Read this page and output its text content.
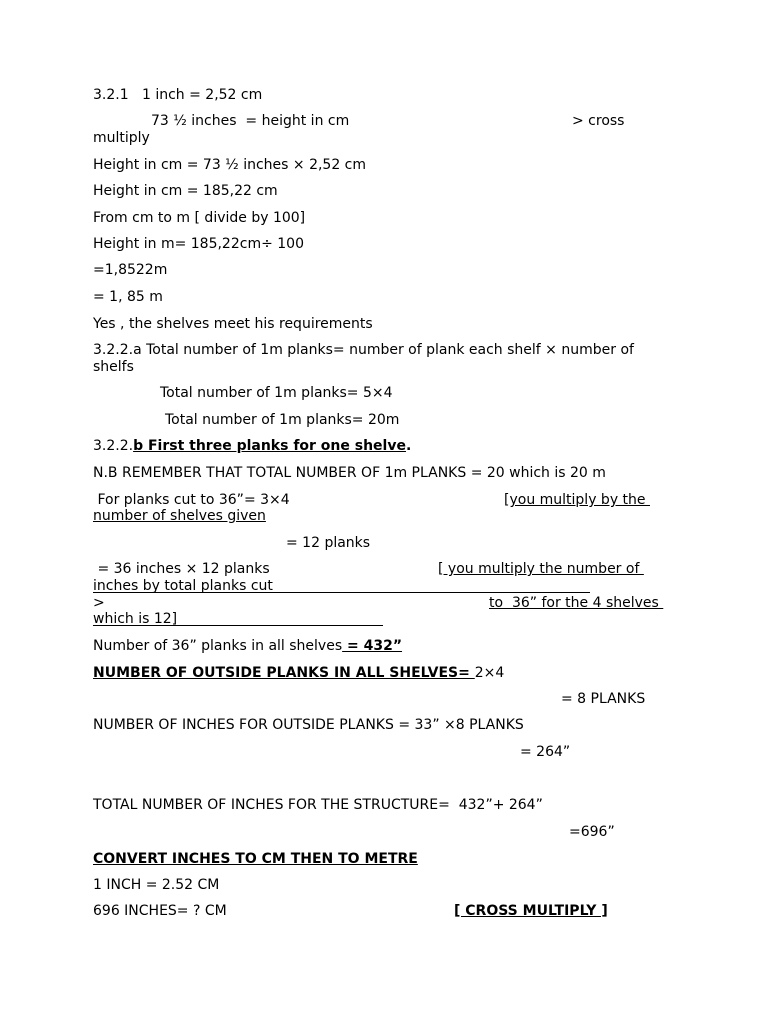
3.2.1   1 inch = 2,52 cm

73 ½ inches  = height in cm	> cross

multiply

Height in cm = 73 ½ inches × 2,52 cm

Height in cm = 185,22 cm

From cm to m [ divide by 100]

Height in m= 185,22cm÷ 100

=1,8522m

= 1, 85 m

Yes , the shelves meet his requirements

3.2.2.a Total number of 1m planks= number of plank each shelf × number of

shelfs

Total number of 1m planks= 5×4

Total number of 1m planks= 20m

3.2.2.b First three planks for one shelve.

N.B REMEMBER THAT TOTAL NUMBER OF 1m PLANKS = 20 which is 20 m

For planks cut to 36”= 3×4	[you multiply by the

number of shelves given

= 12 planks

= 36 inches × 12 planks	[ you multiply the number of

inches by total planks cut

>	to  36” for the 4 shelves

which is 12]

Number of 36” planks in all shelves = 432”

NUMBER OF OUTSIDE PLANKS IN ALL SHELVES= 2×4

= 8 PLANKS

NUMBER OF INCHES FOR OUTSIDE PLANKS = 33” ×8 PLANKS

= 264”

TOTAL NUMBER OF INCHES FOR THE STRUCTURE=  432”+ 264”

=696”

CONVERT INCHES TO CM THEN TO METRE

1 INCH = 2.52 CM

696 INCHES= ? CM	[ CROSS MULTIPLY ]
